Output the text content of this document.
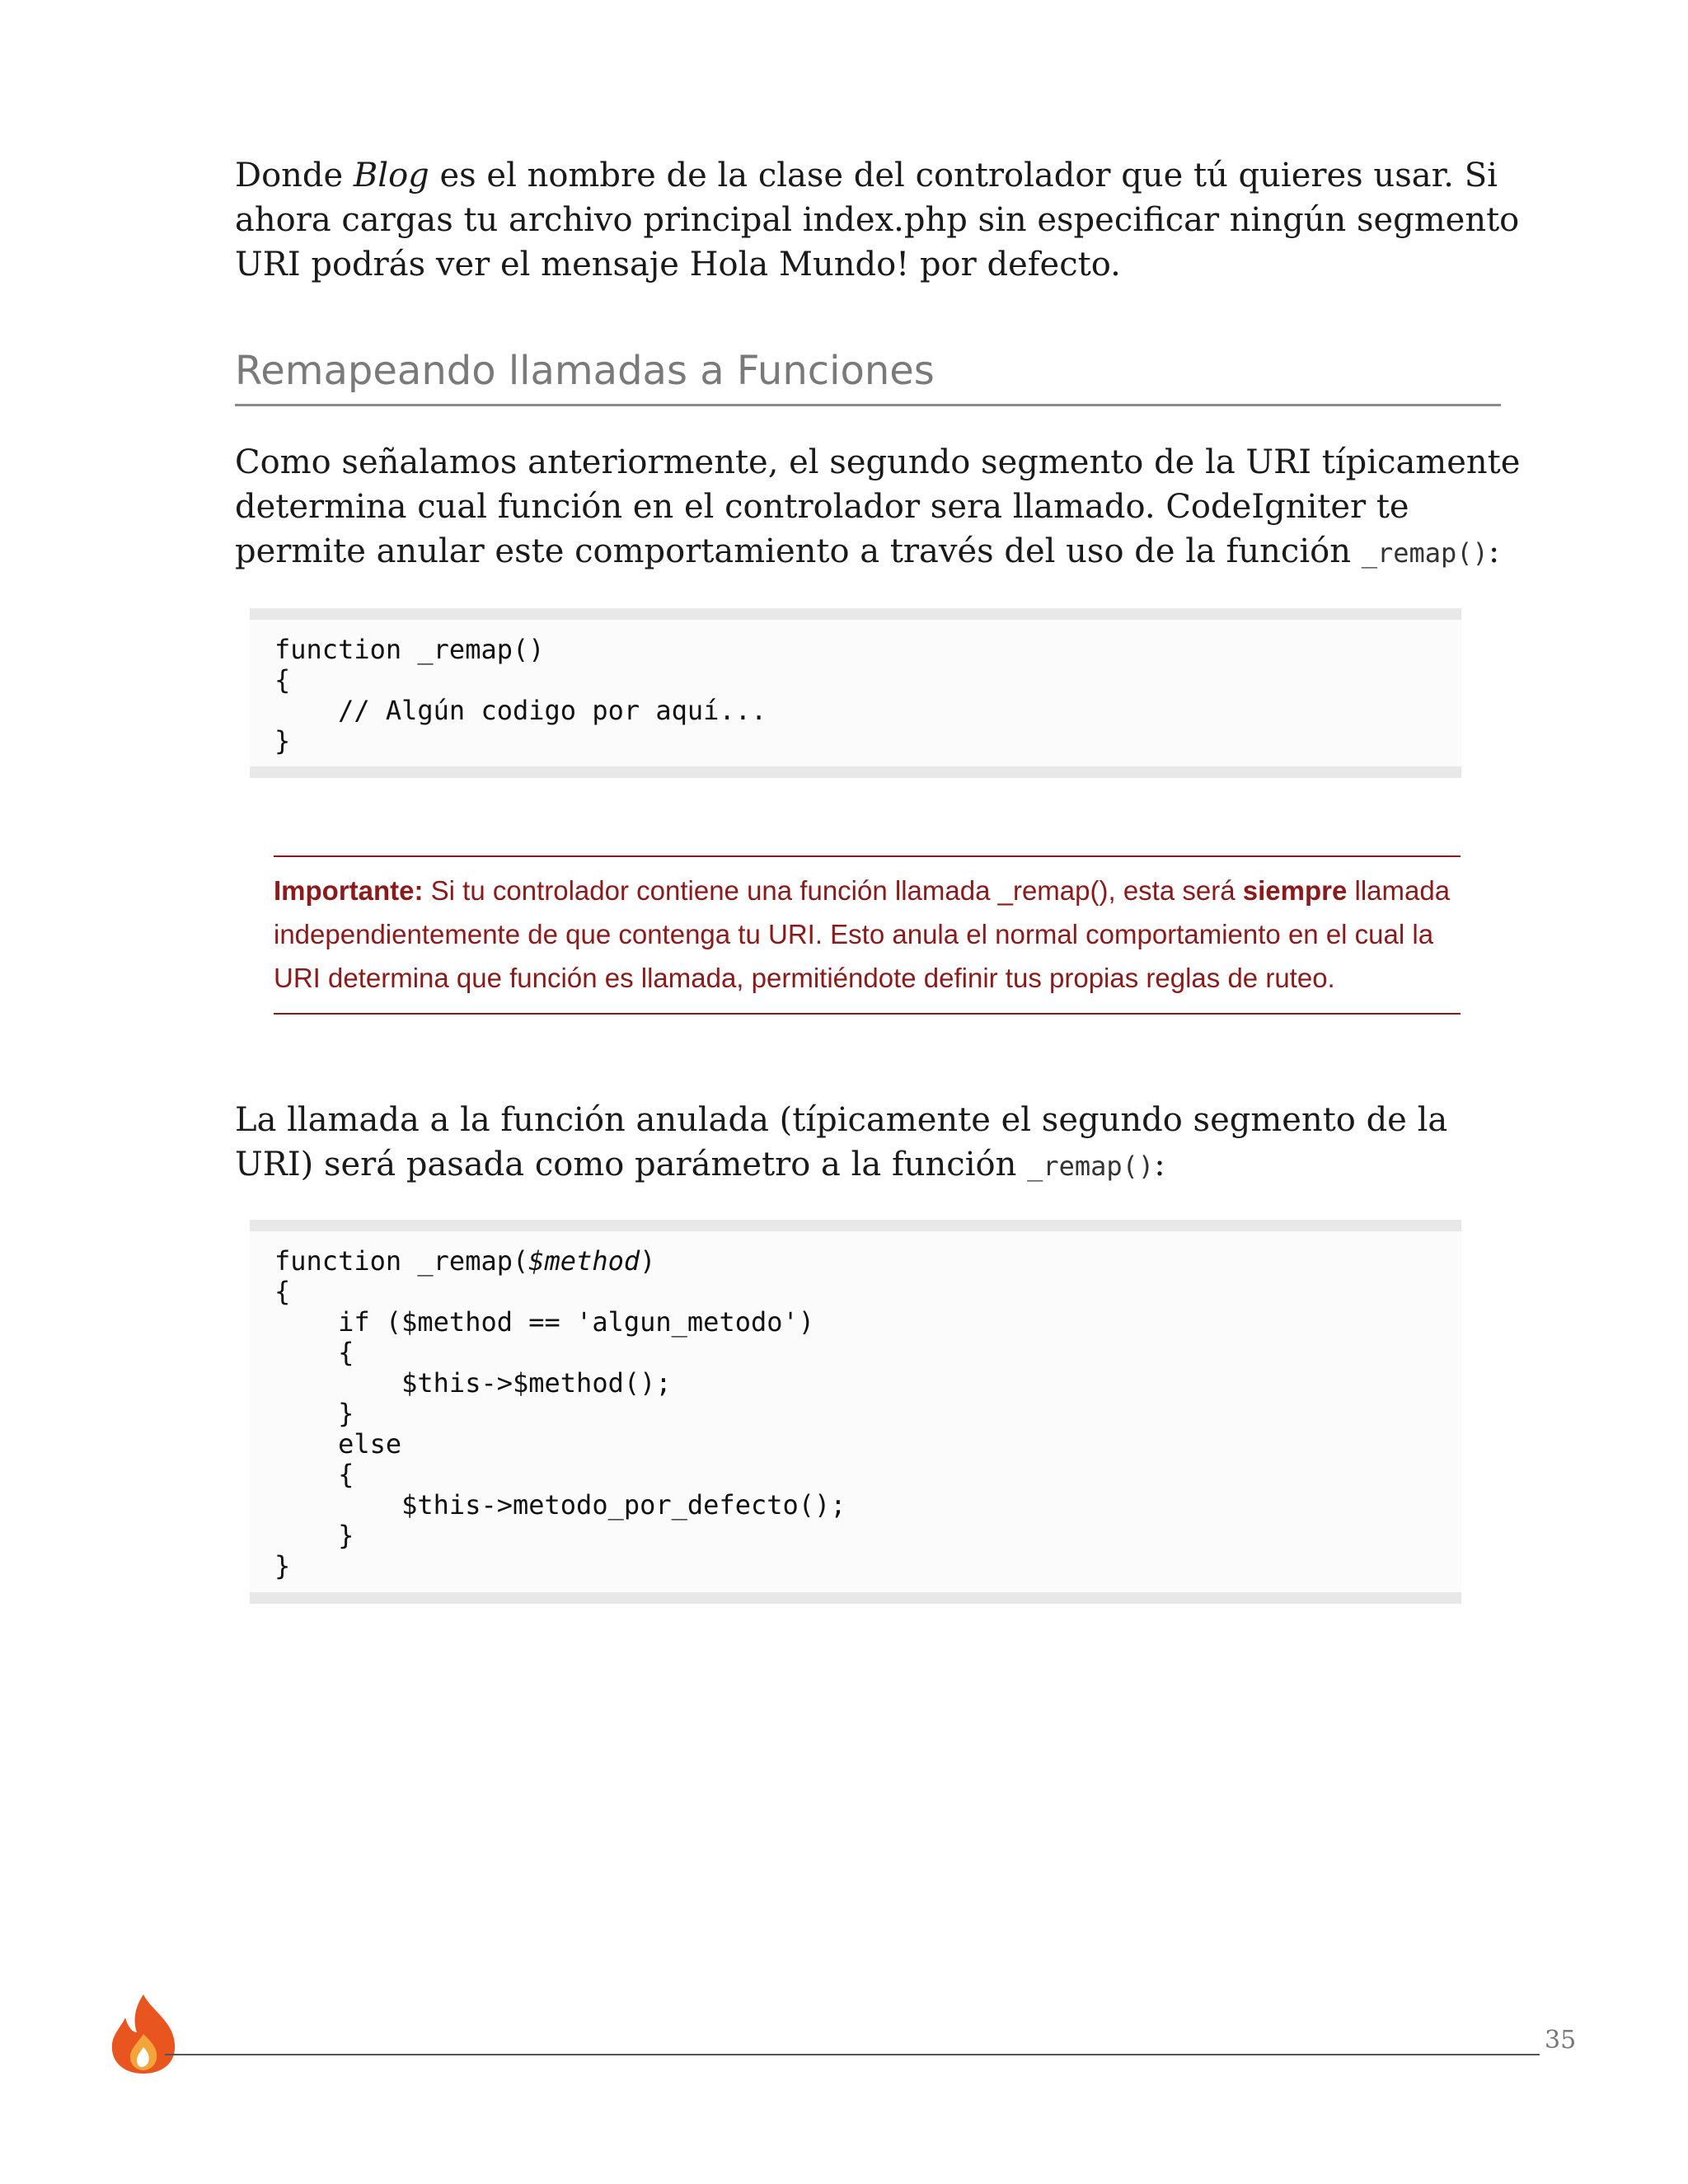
Donde Blog es el nombre de la clase del controlador que tú quieres usar. Si ahora cargas tu archivo principal index.php sin especificar ningún segmento URI podrás ver el mensaje Hola Mundo! por defecto.

Remapeando llamadas a Funciones

Como señalamos anteriormente, el segundo segmento de la URI típicamente determina cual función en el controlador sera llamado. CodeIgniter te permite anular este comportamiento a través del uso de la función _remap():

function _remap()
{
// Algún codigo por aquí...
}
Importante: Si tu controlador contiene una función llamada _remap(), esta será siempre llamada independientemente de que contenga tu URI. Esto anula el normal comportamiento en el cual la URI determina que función es llamada, permitiéndote definir tus propias reglas de ruteo.

La llamada a la función anulada (típicamente el segundo segmento de la URI) será pasada como parámetro a la función _remap():

function _remap($method)
{
if ($method == 'algun_metodo')
{
$this->$method();
}
else
{
$this->metodo_por_defecto();
}
}
35
